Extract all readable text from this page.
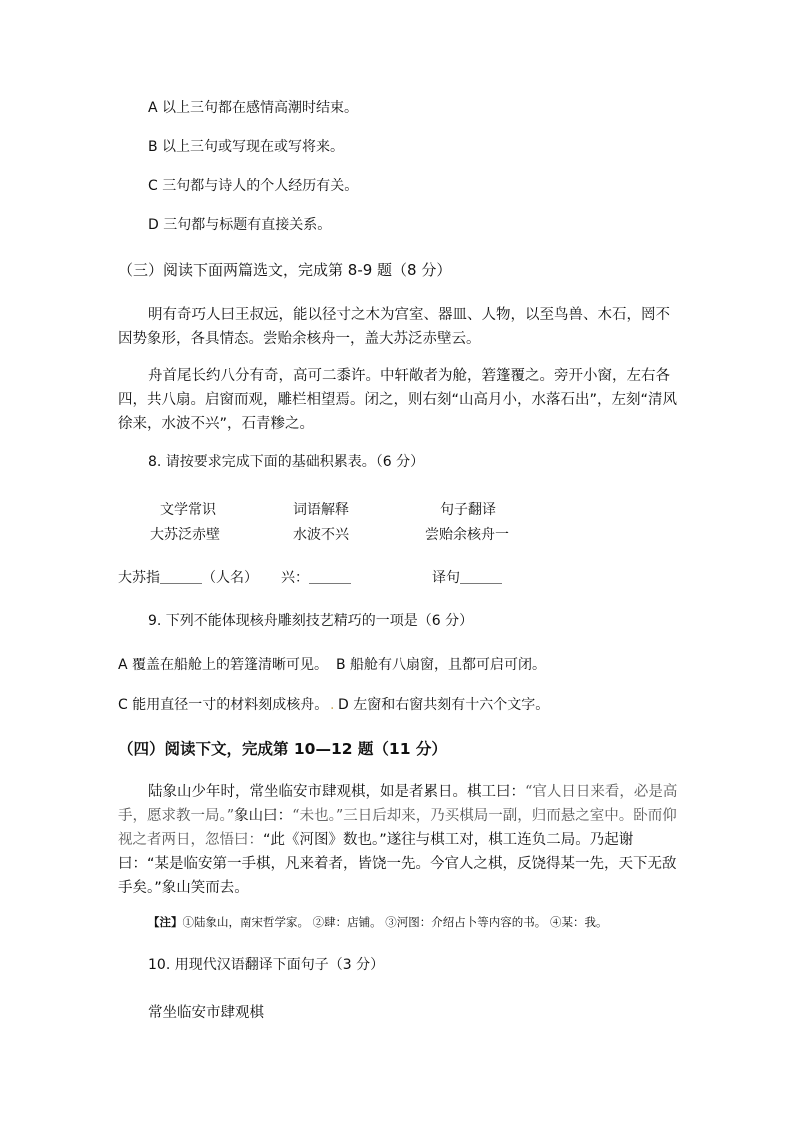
A 以上三句都在感情高潮时结束。
B 以上三句或写现在或写将来。
C 三句都与诗人的个人经历有关。
D 三句都与标题有直接关系。
（三）阅读下面两篇选文，完成第 8-9 题（8 分）
明有奇巧人曰王叔远，能以径寸之木为宫室、器皿、人物，以至鸟兽、木石，罔不因势象形，各具情态。尝贻余核舟一，盖大苏泛赤壁云。
舟首尾长约八分有奇，高可二黍许。中轩敞者为舱，箬篷覆之。旁开小窗，左右各四，共八扇。启窗而观，雕栏相望焉。闭之，则右刻“山高月小，水落石出”，左刻“清风徐来，水波不兴”，石青糁之。
8. 请按要求完成下面的基础积累表。（6 分）
文学常识	词语解释	句子翻译
大苏泛赤壁	水波不兴	尝贻余核舟一
大苏指＿＿＿（人名） 兴：＿＿＿	译句＿＿＿
9. 下列不能体现核舟雕刻技艺精巧的一项是（6 分）
A 覆盖在船舱上的箬篷清晰可见。 B 船舱有八扇窗，且都可启可闭。
C 能用直径一寸的材料刻成核舟。 . D 左窗和右窗共刻有十六个文字。
（四）阅读下文，完成第 10—12 题（11 分）
陆象山少年时，常坐临安市肆观棋，如是者累日。棋工曰：“官人日日来看，必是高手，愿求教一局。”象山曰：“未也。”三日后却来，乃买棋局一副，归而悬之室中。卧而仰视之者两日，忽悟曰：“此《河图》数也。”遂往与棋工对，棋工连负二局。乃起谢曰：“某是临安第一手棋，凡来着者，皆饶一先。今官人之棋，反饶得某一先，天下无敌手矣。”象山笑而去。
【注】①陆象山，南宋哲学家。 ②肆：店铺。 ③河图：介绍占卜等内容的书。 ④某：我。
10. 用现代汉语翻译下面句子（3 分）
常坐临安市肆观棋
